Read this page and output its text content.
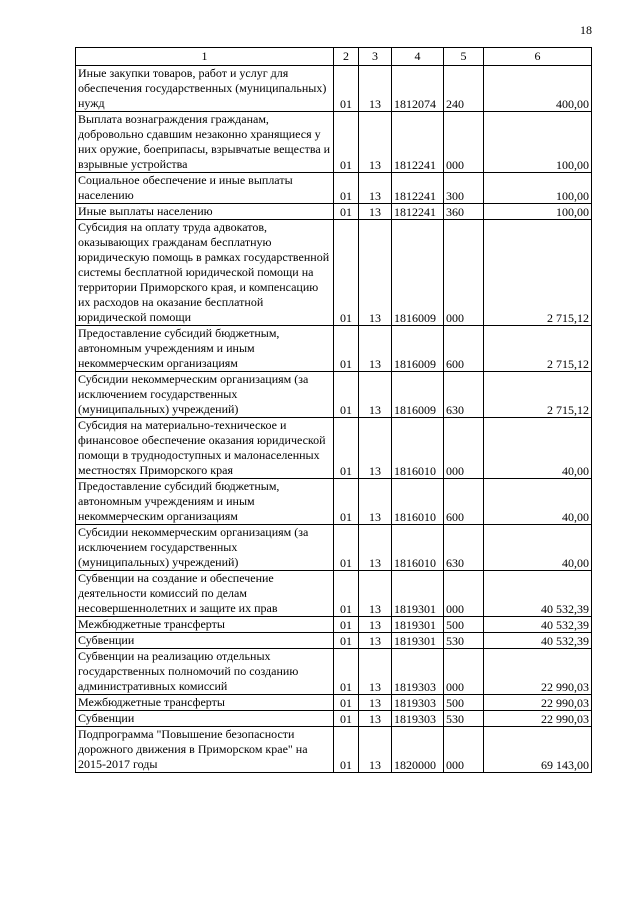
18
1	2	3	4	5	6
Иные закупки товаров, работ и услуг для обеспечения государственных (муниципальных) нужд	01	13	1812074	240	400,00
Выплата вознаграждения гражданам, добровольно сдавшим незаконно хранящиеся у них оружие, боеприпасы, взрывчатые вещества и взрывные устройства	01	13	1812241	000	100,00
Социальное обеспечение и иные выплаты населению	01	13	1812241	300	100,00
Иные выплаты населению	01	13	1812241	360	100,00
Субсидия на оплату труда адвокатов, оказывающих гражданам бесплатную юридическую помощь в рамках государственной системы бесплатной юридической помощи на территории Приморского края, и компенсацию их расходов на оказание бесплатной юридической помощи	01	13	1816009	000	2 715,12
Предоставление субсидий бюджетным, автономным учреждениям и иным некоммерческим организациям	01	13	1816009	600	2 715,12
Субсидии некоммерческим организациям (за исключением государственных (муниципальных) учреждений)	01	13	1816009	630	2 715,12
Субсидия на материально-техническое и финансовое обеспечение оказания юридической помощи в труднодоступных и малонаселенных местностях Приморского края	01	13	1816010	000	40,00
Предоставление субсидий бюджетным, автономным учреждениям и иным некоммерческим организациям	01	13	1816010	600	40,00
Субсидии некоммерческим организациям (за исключением государственных (муниципальных) учреждений)	01	13	1816010	630	40,00
Субвенции на создание и обеспечение деятельности комиссий по делам несовершеннолетних и защите их прав	01	13	1819301	000	40 532,39
Межбюджетные трансферты	01	13	1819301	500	40 532,39
Субвенции	01	13	1819301	530	40 532,39
Субвенции на реализацию отдельных государственных полномочий по созданию административных комиссий	01	13	1819303	000	22 990,03
Межбюджетные трансферты	01	13	1819303	500	22 990,03
Субвенции	01	13	1819303	530	22 990,03
Подпрограмма "Повышение безопасности дорожного движения в Приморском крае" на 2015-2017 годы	01	13	1820000	000	69 143,00
